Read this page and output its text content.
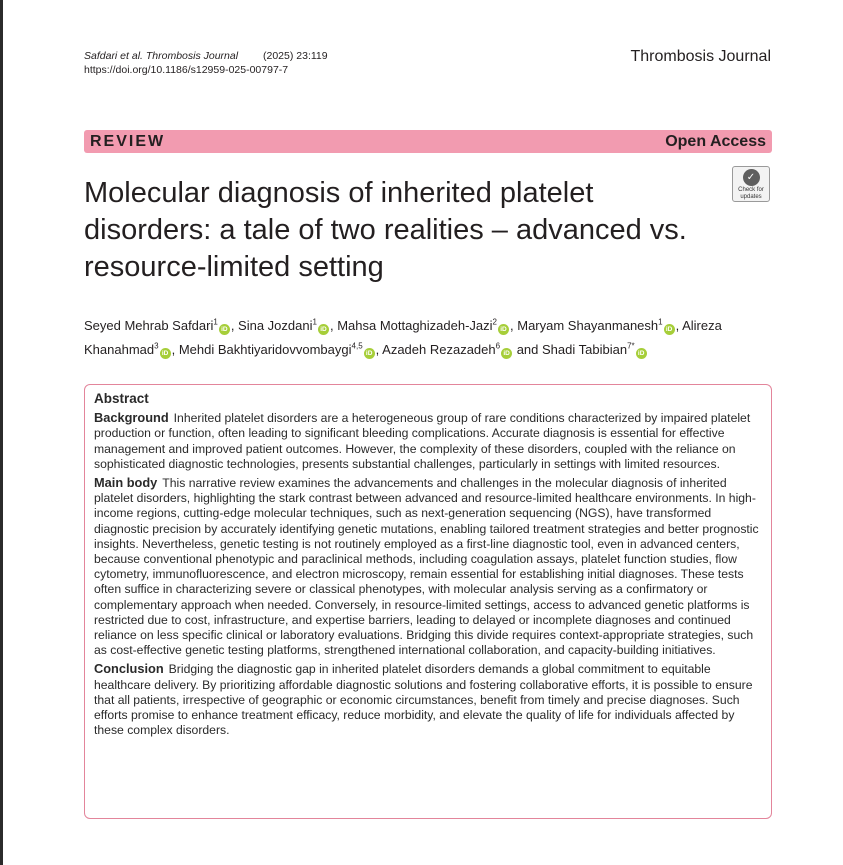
Safdari et al. Thrombosis Journal (2025) 23:119
https://doi.org/10.1186/s12959-025-00797-7
Thrombosis Journal
REVIEW	Open Access
Molecular diagnosis of inherited platelet disorders: a tale of two realities – advanced vs. resource-limited setting
✓
Check for
updates
Seyed Mehrab Safdari$^1$iD , Sina Jozdani$^1$iD , Mahsa Mottaghizadeh-Jazi$^2$iD , Maryam Shayanmanesh$^1$iD , Alireza Khanahmad$^3$iD , Mehdi Bakhtiyaridovvombaygi$^{4,5}$iD , Azadeh Rezazadeh$^6$iD and Shadi Tabibian$^{7*}$iD
Abstract
Background Inherited platelet disorders are a heterogeneous group of rare conditions characterized by impaired platelet production or function, often leading to significant bleeding complications. Accurate diagnosis is essential for effective management and improved patient outcomes. However, the complexity of these disorders, coupled with the reliance on sophisticated diagnostic technologies, presents substantial challenges, particularly in settings with limited resources.
Main body This narrative review examines the advancements and challenges in the molecular diagnosis of inherited platelet disorders, highlighting the stark contrast between advanced and resource-limited healthcare environments. In high-income regions, cutting-edge molecular techniques, such as next-generation sequencing (NGS), have transformed diagnostic precision by accurately identifying genetic mutations, enabling tailored treatment strategies and better prognostic insights. Nevertheless, genetic testing is not routinely employed as a first-line diagnostic tool, even in advanced centers, because conventional phenotypic and paraclinical methods, including coagulation assays, platelet function studies, flow cytometry, immunofluorescence, and electron microscopy, remain essential for establishing initial diagnoses. These tests often suffice in characterizing severe or classical phenotypes, with molecular analysis serving as a confirmatory or complementary approach when needed. Conversely, in resource-limited settings, access to advanced genetic platforms is restricted due to cost, infrastructure, and expertise barriers, leading to delayed or incomplete diagnoses and continued reliance on less specific clinical or laboratory evaluations. Bridging this divide requires context-appropriate strategies, such as cost-effective genetic testing platforms, strengthened international collaboration, and capacity-building initiatives.
Conclusion Bridging the diagnostic gap in inherited platelet disorders demands a global commitment to equitable healthcare delivery. By prioritizing affordable diagnostic solutions and fostering collaborative efforts, it is possible to ensure that all patients, irrespective of geographic or economic circumstances, benefit from timely and precise diagnoses. Such efforts promise to enhance treatment efficacy, reduce morbidity, and elevate the quality of life for individuals affected by these complex disorders.
